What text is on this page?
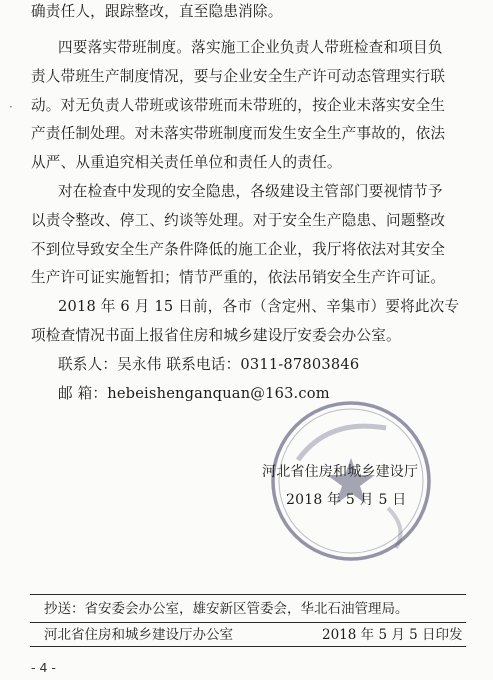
·
确责任人，跟踪整改，直至隐患消除。
四要落实带班制度。落实施工企业负责人带班检查和项目负
责人带班生产制度情况，要与企业安全生产许可动态管理实行联
动。对无负责人带班或该带班而未带班的，按企业未落实安全生
产责任制处理。对未落实带班制度而发生安全生产事故的，依法
从严、从重追究相关责任单位和责任人的责任。
对在检查中发现的安全隐患，各级建设主管部门要视情节予
以责令整改、停工、约谈等处理。对于安全生产隐患、问题整改
不到位导致安全生产条件降低的施工企业，我厅将依法对其安全
生产许可证实施暂扣；情节严重的，依法吊销安全生产许可证。
2018 年 6 月 15 日前，各市（含定州、辛集市）要将此次专
项检查情况书面上报省住房和城乡建设厅安委会办公室。
联系人：吴永伟 联系电话：0311-87803846
邮 箱：hebeishenganquan@163.com
河北省住房和城乡建设厅
2018 年 5 月 5 日
抄送：省安委会办公室，雄安新区管委会，华北石油管理局。
河北省住房和城乡建设厅办公室	2018 年 5 月 5 日印发
- 4 -
